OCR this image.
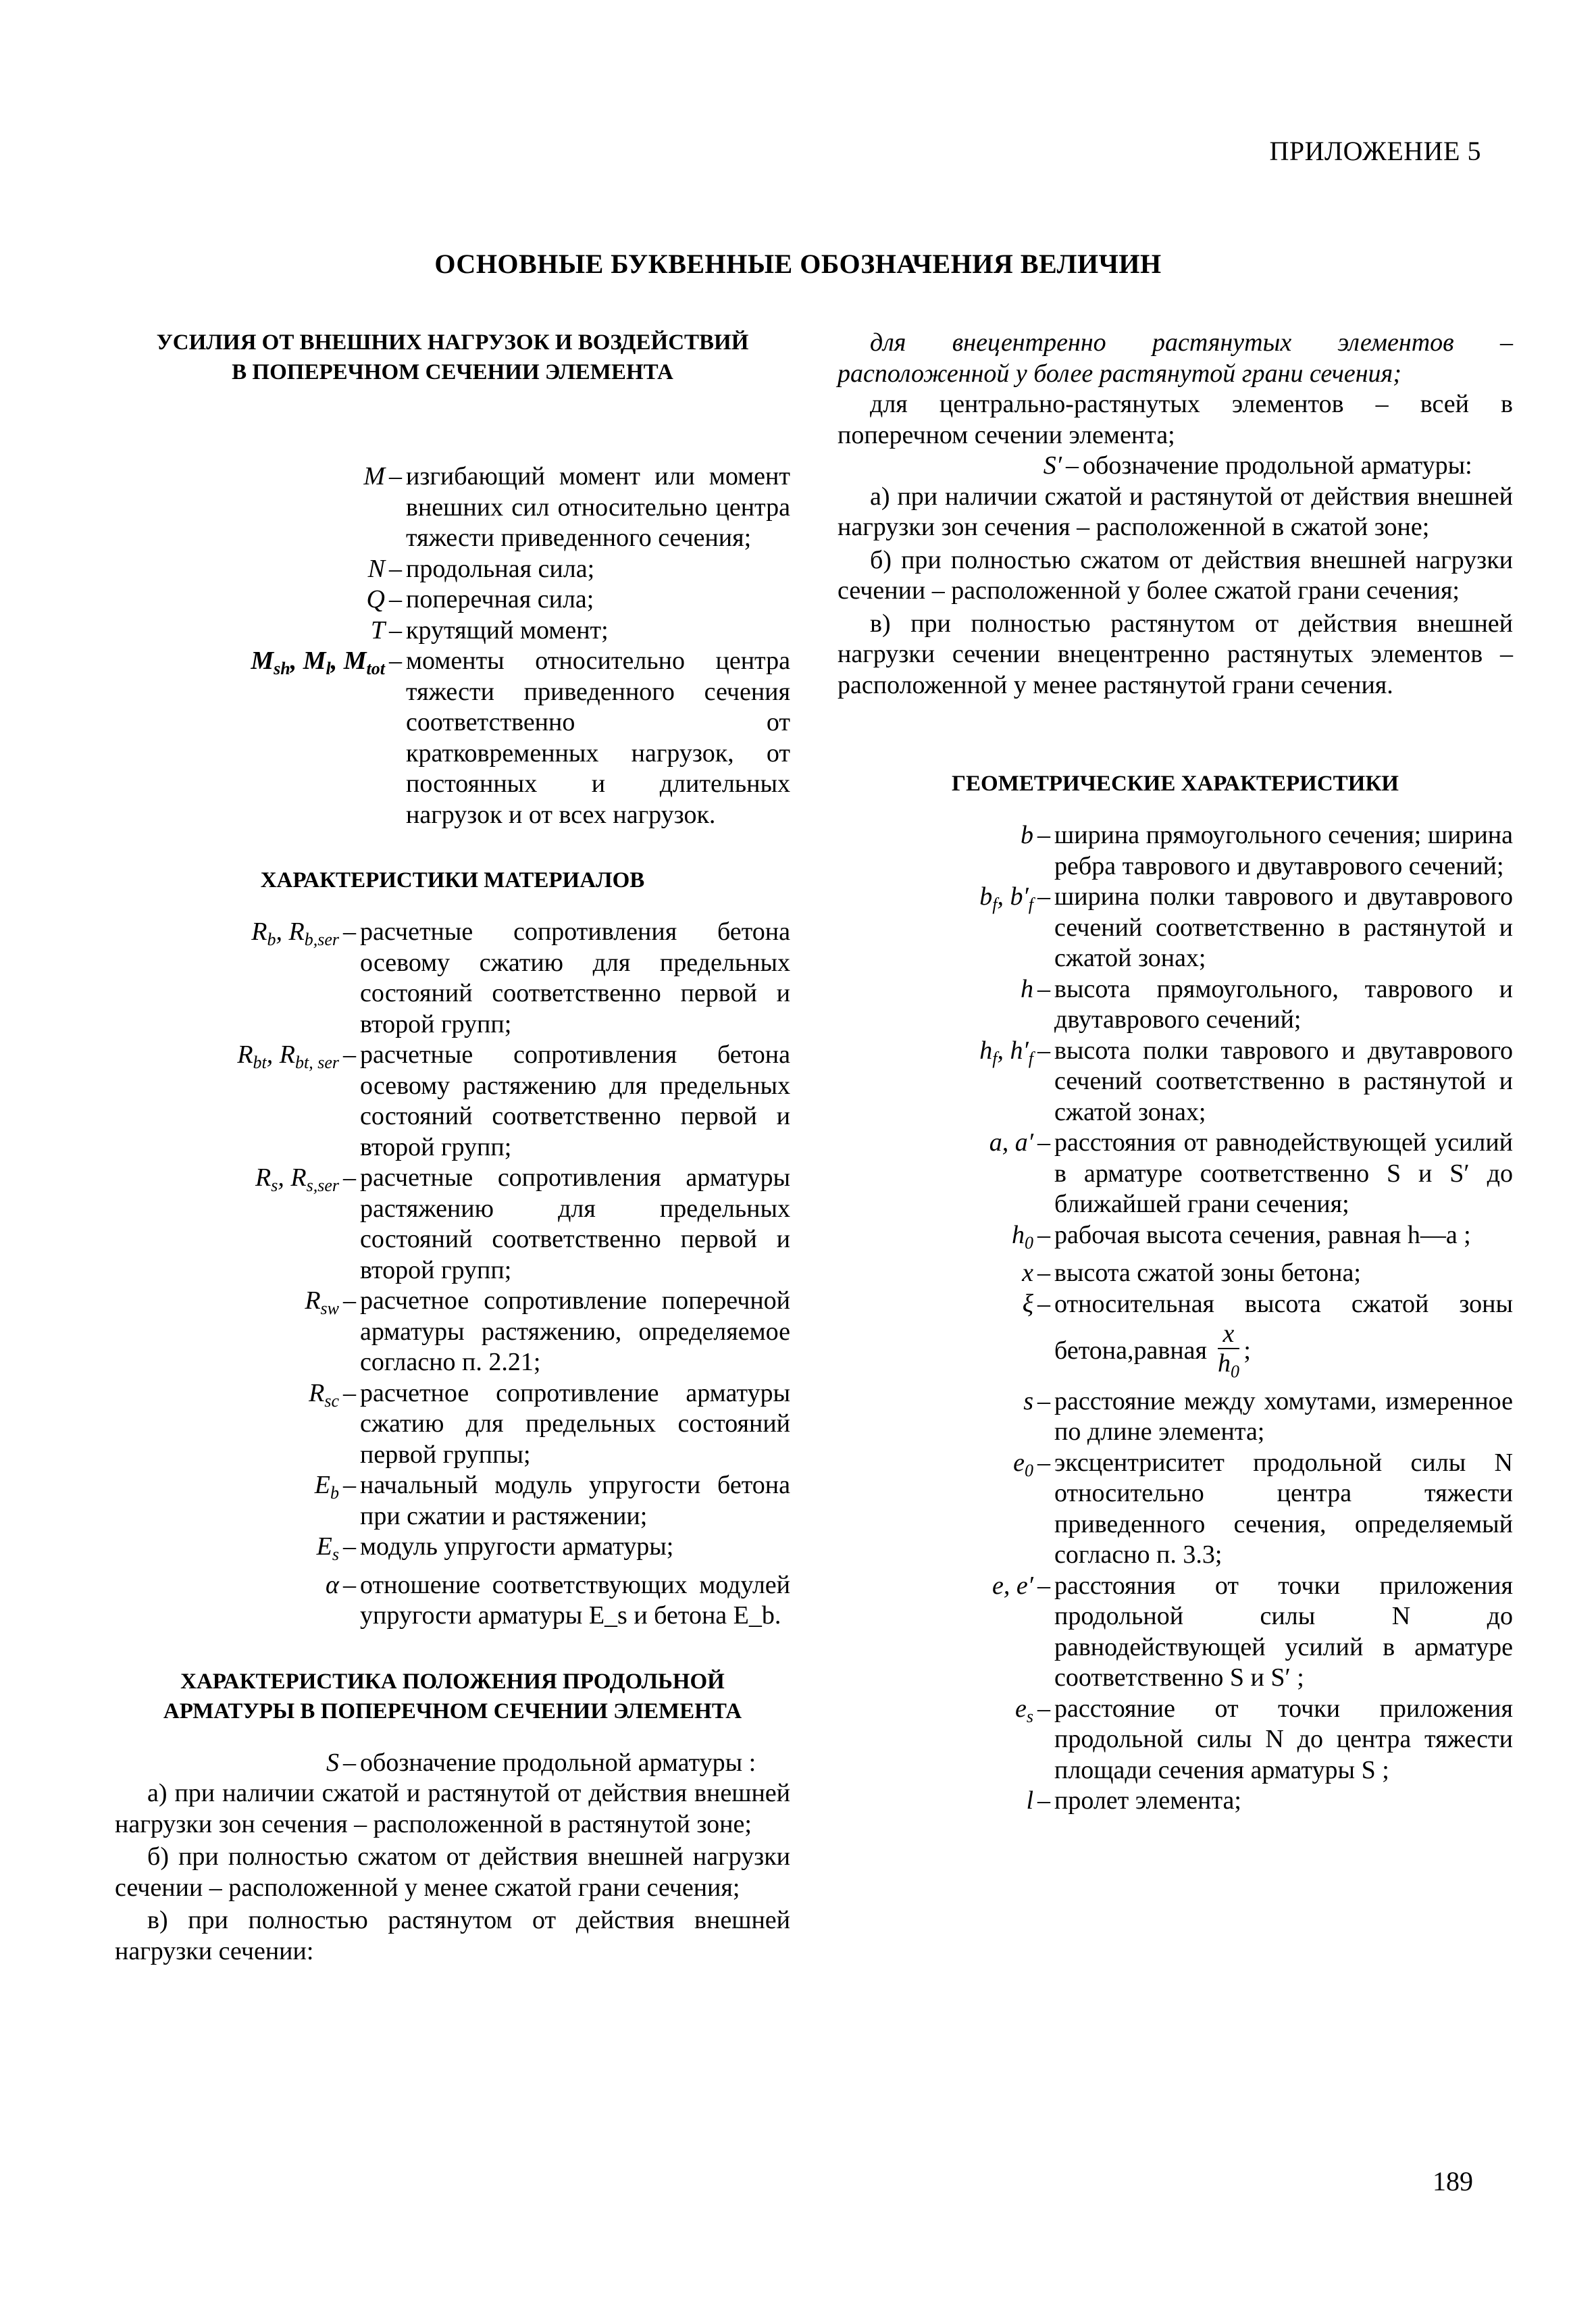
ПРИЛОЖЕНИЕ 5
ОСНОВНЫЕ БУКВЕННЫЕ ОБОЗНАЧЕНИЯ ВЕЛИЧИН
УСИЛИЯ ОТ ВНЕШНИХ НАГРУЗОК И ВОЗДЕЙСТВИЙ
В ПОПЕРЕЧНОМ СЕЧЕНИИ ЭЛЕМЕНТА
M – изгибающий момент или момент внешних сил относительно центра тяжести приведенного сечения;
N – продольная сила;
Q – поперечная сила;
T – крутящий момент;
$M_{sh}$, $M_l$, $M_{tot}$ – моменты относительно центра тяжести приведенного сечения соответственно от кратковременных нагрузок, от постоянных и длительных нагрузок и от всех нагрузок.
ХАРАКТЕРИСТИКИ МАТЕРИАЛОВ
$R_b$, $R_{b,ser}$ – расчетные сопротивления бетона осевому сжатию для предельных состояний соответственно первой и второй групп;
$R_{bt}$, $R_{bt, ser}$ – расчетные сопротивления бетона осевому растяжению для предельных состояний соответственно первой и второй групп;
$R_s$, $R_{s,ser}$ – расчетные сопротивления арматуры растяжению для предельных состояний соответственно первой и второй групп;
$R_{sw}$ – расчетное сопротивление поперечной арматуры растяжению, определяемое согласно п. 2.21;
$R_{sc}$ – расчетное сопротивление арматуры сжатию для предельных состояний первой группы;
$E_b$ – начальный модуль упругости бетона при сжатии и растяжении;
$E_s$ – модуль упругости арматуры;
α – отношение соответствующих модулей упругости арматуры E_s и бетона E_b.
ХАРАКТЕРИСТИКА ПОЛОЖЕНИЯ ПРОДОЛЬНОЙ
АРМАТУРЫ В ПОПЕРЕЧНОМ СЕЧЕНИИ ЭЛЕМЕНТА
S – обозначение продольной арматуры :

а) при наличии сжатой и растянутой от действия внешней нагрузки зон сечения – расположенной в растянутой зоне;

б) при полностью сжатом от действия внешней нагрузки сечении – расположенной у менее сжатой грани сечения;

в) при полностью растянутом от действия внешней нагрузки сечении:

для внецентренно растянутых элементов – расположенной у более растянутой грани сечения;

для центрально-растянутых элементов – всей в поперечном сечении элемента;

S′ – обозначение продольной арматуры:

а) при наличии сжатой и растянутой от действия внешней нагрузки зон сечения – расположенной в сжатой зоне;

б) при полностью сжатом от действия внешней нагрузки сечении – расположенной у более сжатой грани сечения;

в) при полностью растянутом от действия внешней нагрузки сечении внецентренно растянутых элементов – расположенной у менее растянутой грани сечения.

ГЕОМЕТРИЧЕСКИЕ ХАРАКТЕРИСТИКИ
b – ширина прямоугольного сечения; ширина ребра таврового и двутаврового сечений;
$b_f$, $b'_f$ – ширина полки таврового и двутаврового сечений соответственно в растянутой и сжатой зонах;
h – высота прямоугольного, таврового и двутаврового сечений;
$h_f$, $h'_f$ – высота полки таврового и двутаврового сечений соответственно в растянутой и сжатой зонах;
a, a′ – расстояния от равнодействующей усилий в арматуре соответственно S и S′ до ближайшей грани сечения;
$h_0$ – рабочая высота сечения, равная h—a ;
x – высота сжатой зоны бетона;
ξ – относительная высота сжатой зоны бетона,равная $\frac{x}{h_0}$ ;
s – расстояние между хомутами, измеренное по длине элемента;
$e_0$ – эксцентриситет продольной силы N относительно центра тяжести приведенного сечения, определяемый согласно п. 3.3;
e, e′ – расстояния от точки приложения продольной силы N до равнодействующей усилий в арматуре соответственно S и S′ ;
$e_s$ – расстояние от точки приложения продольной силы N до центра тяжести площади сечения арматуры S ;
l – пролет элемента;
189
